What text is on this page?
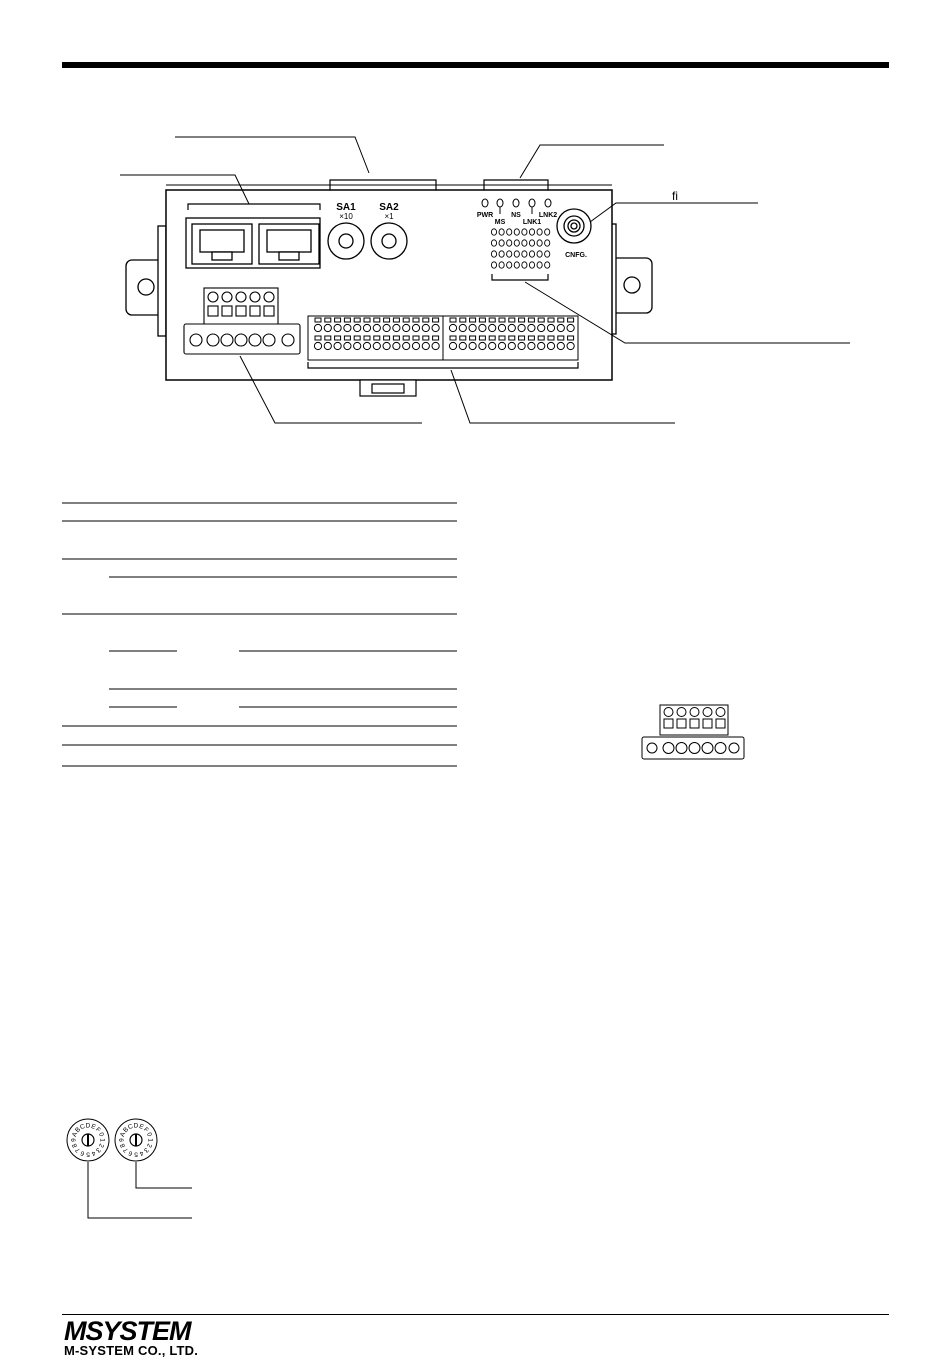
SA1
×10
SA2
×1	PWR
MS
NS
LNK1
LNK2
CNFG.
ﬁ
D E
F
0
1
2
3
4
5
6
7
8
9
A
B
C	D E
F
0
1
2
3
4
5
6
7
8
9
A
B
C
MSYSTEM
M-SYSTEM CO., LTD.
